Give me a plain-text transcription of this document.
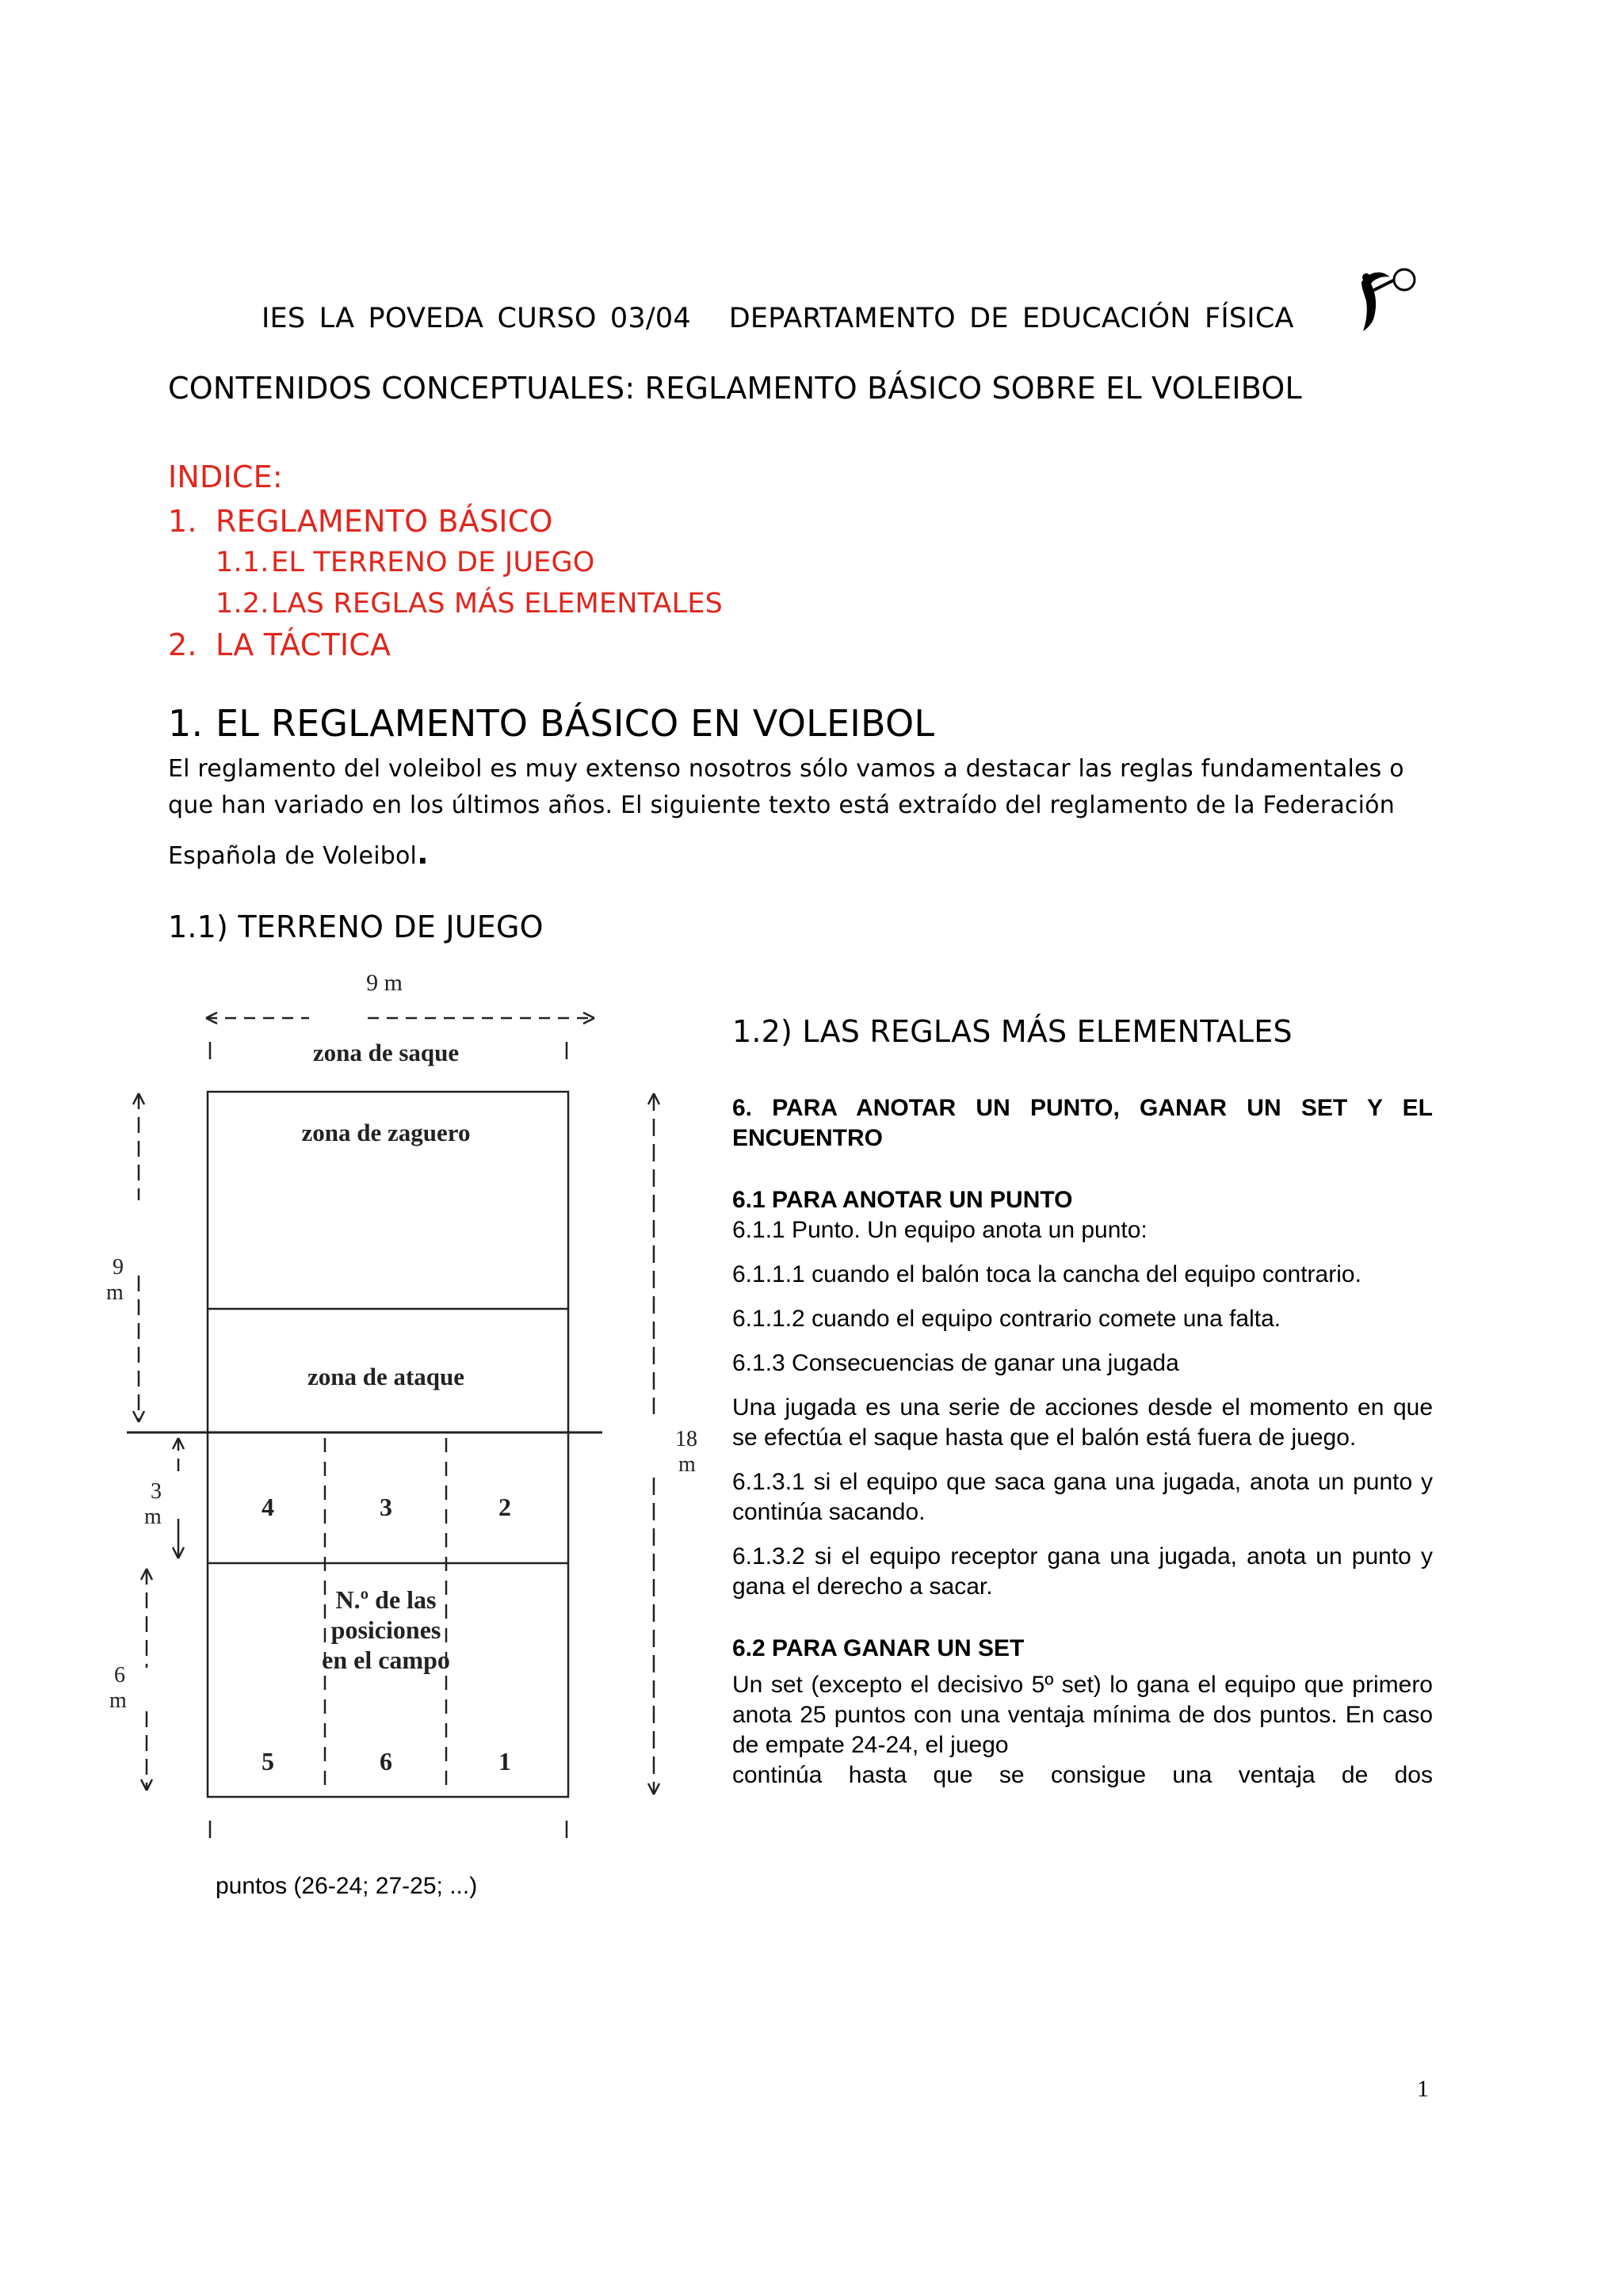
IES LA POVEDA CURSO 03/04 DEPARTAMENTO DE EDUCACIÓN FÍSICA
CONTENIDOS CONCEPTUALES: REGLAMENTO BÁSICO SOBRE EL VOLEIBOL
INDICE:
1. REGLAMENTO BÁSICO
1.1.EL TERRENO DE JUEGO
1.2.LAS REGLAS MÁS ELEMENTALES
2. LA TÁCTICA
1. EL REGLAMENTO BÁSICO EN VOLEIBOL

El reglamento del voleibol es muy extenso nosotros sólo vamos a destacar las reglas fundamentales o

que han variado en los últimos años. El siguiente texto está extraído del reglamento de la Federación

Española de Voleibol.

1.1) TERRENO DE JUEGO
9 m
zona de saque
zona de zaguero
zona de ataque
9
m
3
m
6
m
18
m
4	3	2
N.º de las
posiciones
en el campo
5	6	1
1.2) LAS REGLAS MÁS ELEMENTALES

6. PARA ANOTAR UN PUNTO, GANAR UN SET Y EL ENCUENTRO

6.1 PARA ANOTAR UN PUNTO

6.1.1 Punto. Un equipo anota un punto:

6.1.1.1 cuando el balón toca la cancha del equipo contrario.

6.1.1.2 cuando el equipo contrario comete una falta.

6.1.3 Consecuencias de ganar una jugada

Una jugada es una serie de acciones desde el momento en que se efectúa el saque hasta que el balón está fuera de juego.

6.1.3.1 si el equipo que saca gana una jugada, anota un punto y continúa sacando.

6.1.3.2 si el equipo receptor gana una jugada, anota un punto y gana el derecho a sacar.

6.2 PARA GANAR UN SET

Un set (excepto el decisivo 5º set) lo gana el equipo que primero anota 25 puntos con una ventaja mínima de dos puntos. En caso de empate 24-24, el juego

continúa hasta que se consigue una ventaja de dos

puntos (26-24; 27-25; ...)
1
